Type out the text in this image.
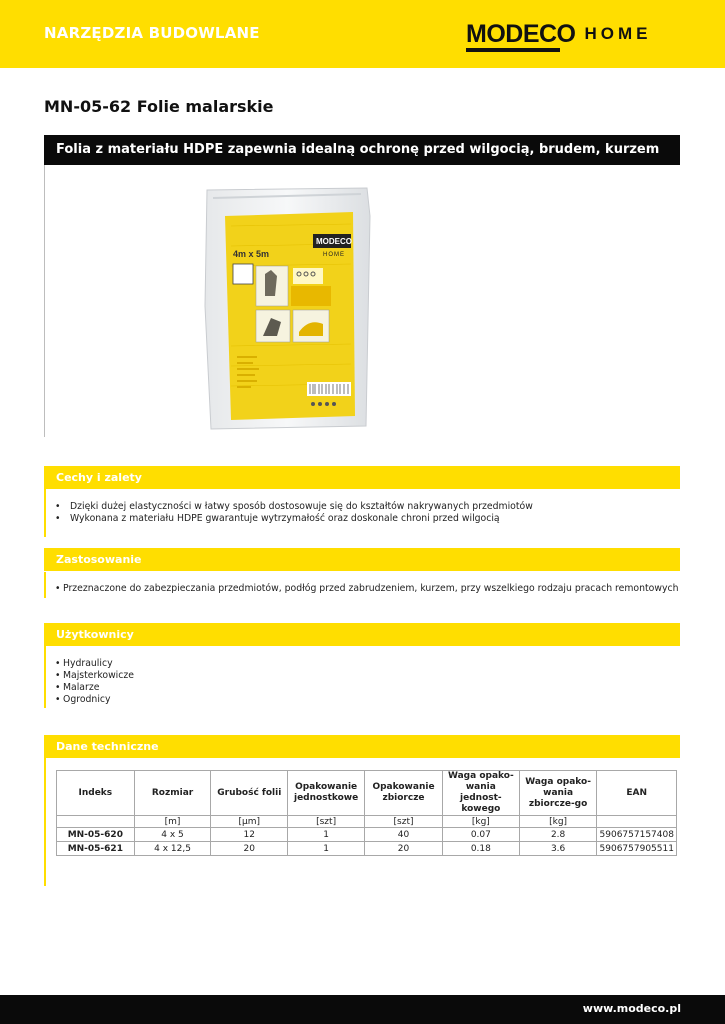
NARZĘDZIA BUDOWLANE	MODECO HOME
MN-05-62 Folie malarskie
Folia z materiału HDPE zapewnia idealną ochronę przed wilgocią, brudem, kurzem
MODECO
HOME
4m x 5m
Cechy i zalety
• Dzięki dużej elastyczności w łatwy sposób dostosowuje się do kształtów nakrywanych przedmiotów
• Wykonana z materiału HDPE gwarantuje wytrzymałość oraz doskonale chroni przed wilgocią
Zastosowanie
• Przeznaczone do zabezpieczania przedmiotów, podłóg przed zabrudzeniem, kurzem, przy wszelkiego rodzaju pracach remontowych
Użytkownicy
• Hydraulicy
• Majsterkowicze
• Malarze
• Ogrodnicy
Dane techniczne
Indeks	Rozmiar	Grubość folii	Opakowanie jednostkowe	Opakowanie zbiorcze	Waga opako-wania jednost-kowego	Waga opako-wania zbiorcze-go	EAN
	[m]	[μm]	[szt]	[szt]	[kg]	[kg]	
MN-05-620	4 x 5	12	1	40	0.07	2.8	5906757157408
MN-05-621	4 x 12,5	20	1	20	0.18	3.6	5906757905511
www.modeco.pl
